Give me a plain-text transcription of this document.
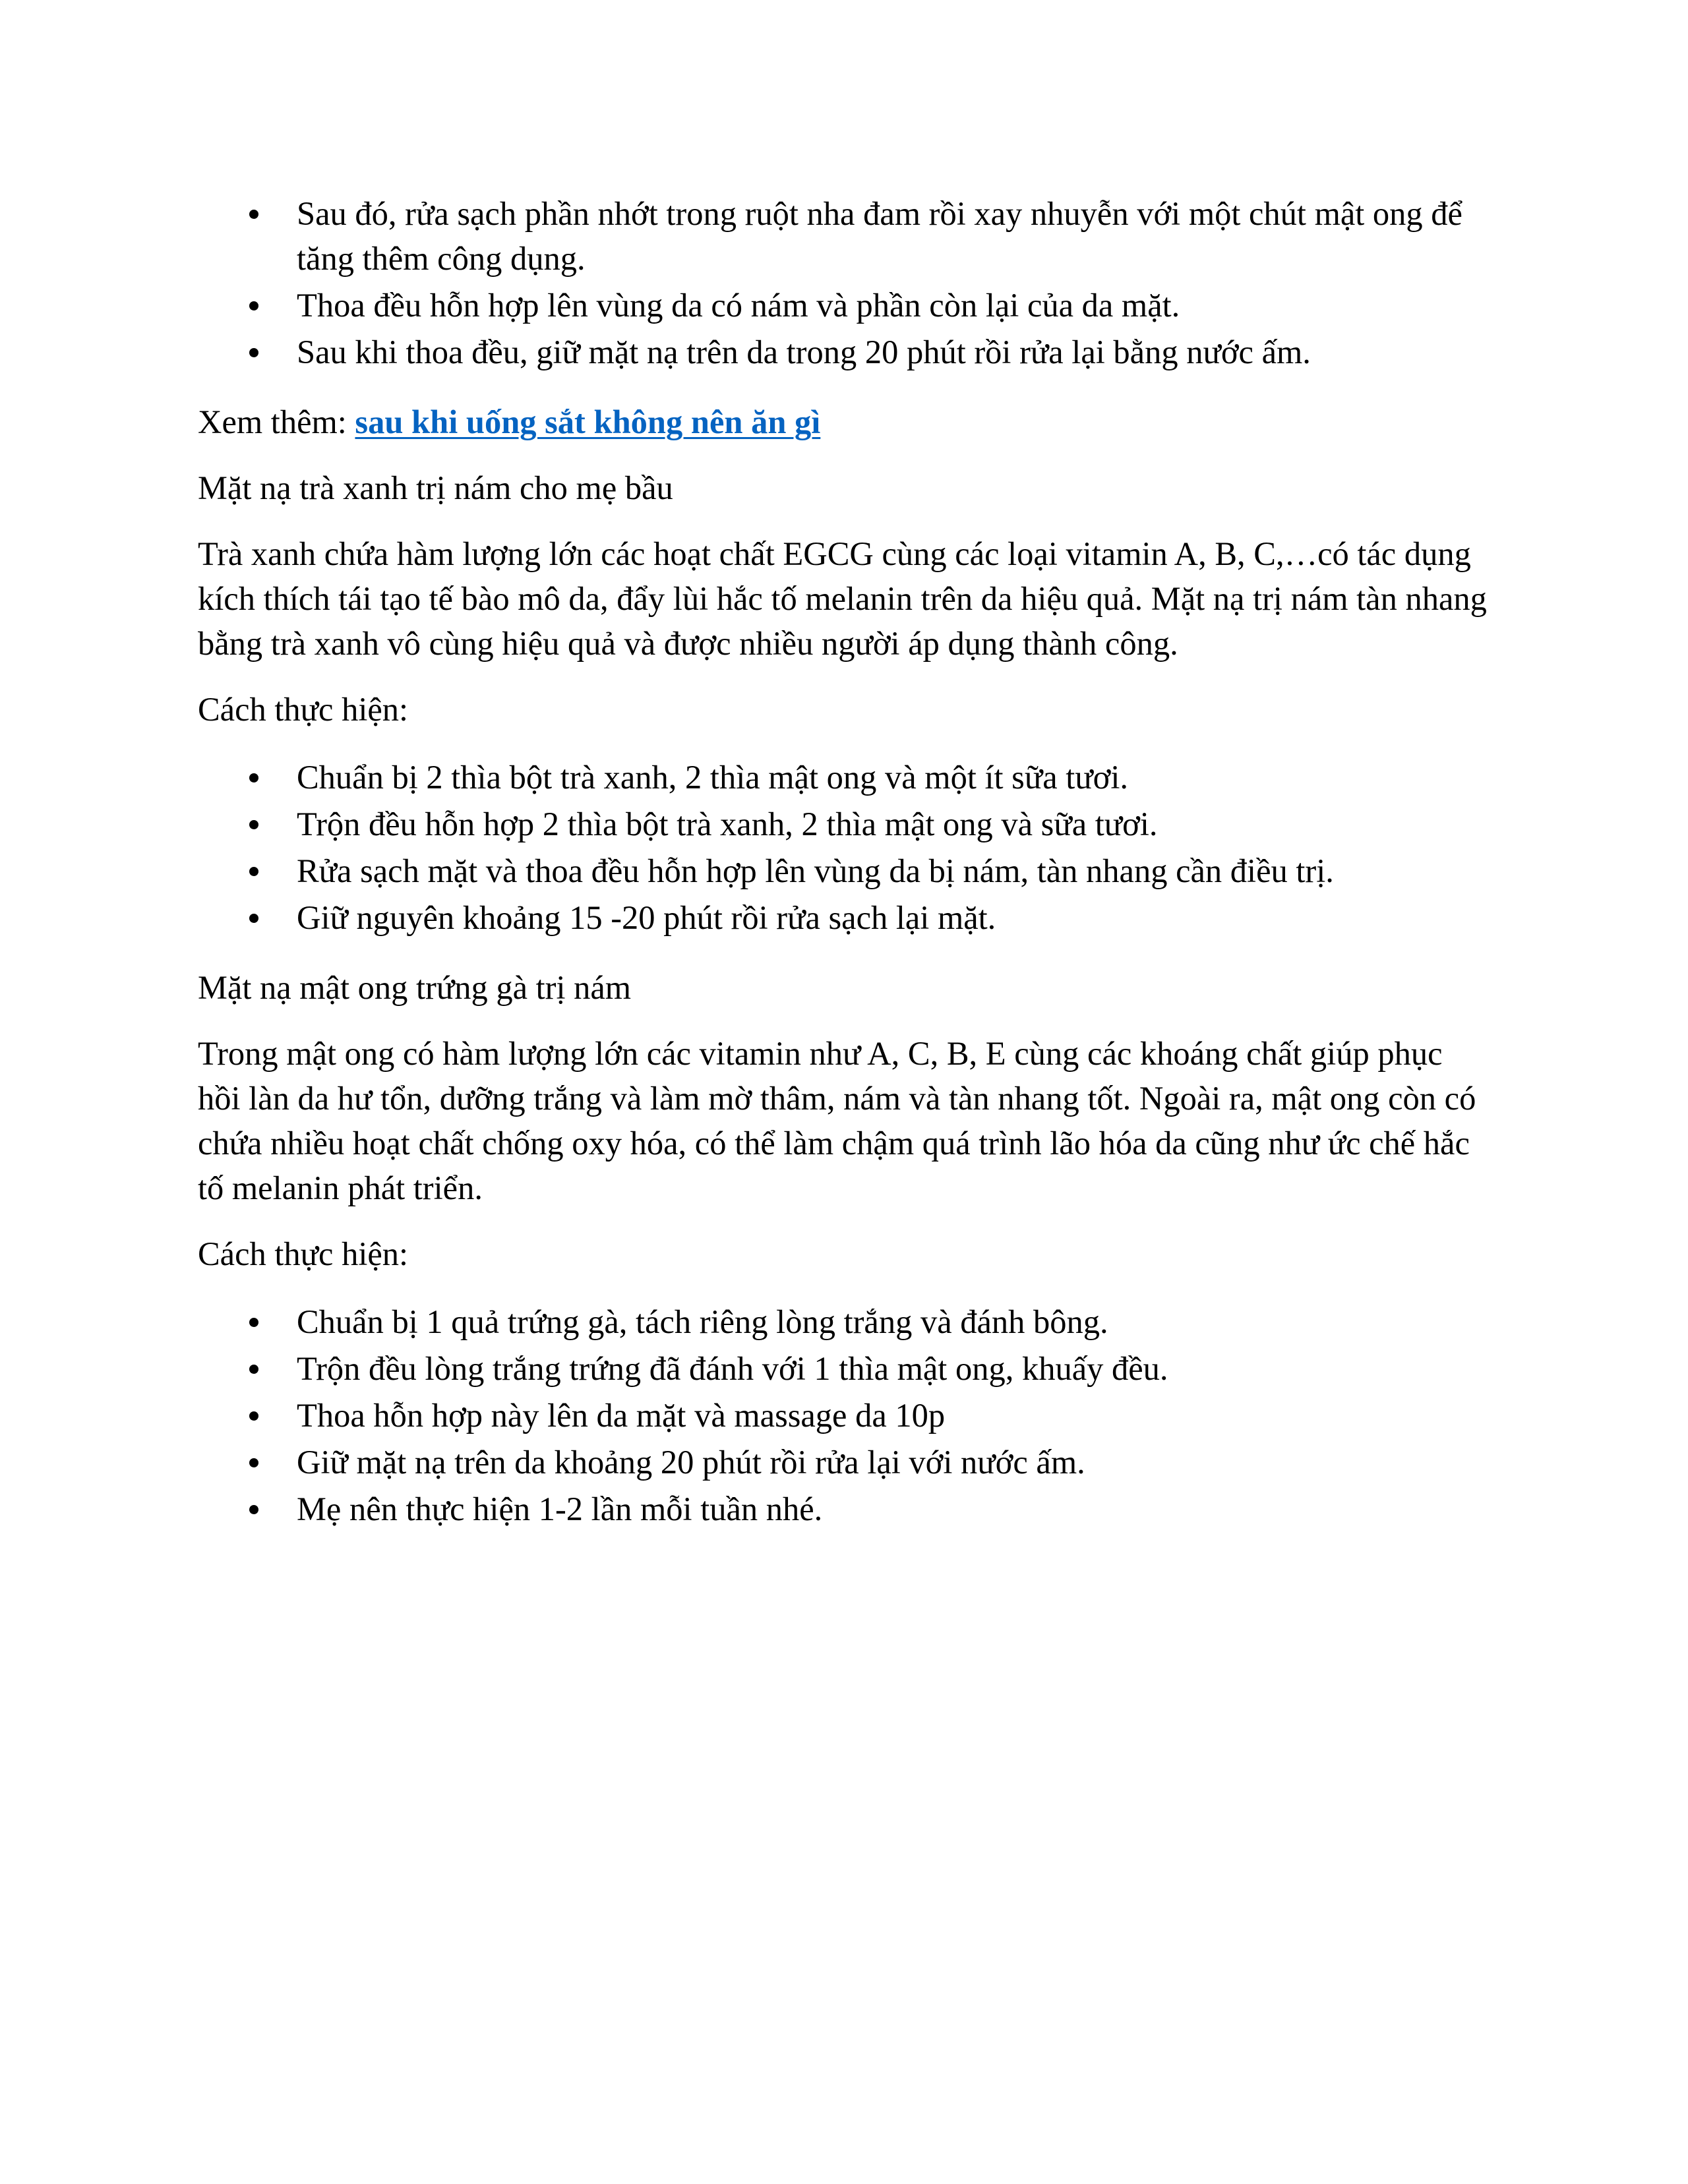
Sau đó, rửa sạch phần nhớt trong ruột nha đam rồi xay nhuyễn với một chút mật ong để tăng thêm công dụng.
Thoa đều hỗn hợp lên vùng da có nám và phần còn lại của da mặt.
Sau khi thoa đều, giữ mặt nạ trên da trong 20 phút rồi rửa lại bằng nước ấm.

Xem thêm: sau khi uống sắt không nên ăn gì

Mặt nạ trà xanh trị nám cho mẹ bầu

Trà xanh chứa hàm lượng lớn các hoạt chất EGCG cùng các loại vitamin A, B, C,…có tác dụng kích thích tái tạo tế bào mô da, đẩy lùi hắc tố melanin trên da hiệu quả. Mặt nạ trị nám tàn nhang bằng trà xanh vô cùng hiệu quả và được nhiều người áp dụng thành công.

Cách thực hiện:

Chuẩn bị 2 thìa bột trà xanh, 2 thìa mật ong và một ít sữa tươi.
Trộn đều hỗn hợp 2 thìa bột trà xanh, 2 thìa mật ong và sữa tươi.
Rửa sạch mặt và thoa đều hỗn hợp lên vùng da bị nám, tàn nhang cần điều trị.
Giữ nguyên khoảng 15 -20 phút rồi rửa sạch lại mặt.

Mặt nạ mật ong trứng gà trị nám

Trong mật ong có hàm lượng lớn các vitamin như A, C, B, E cùng các khoáng chất giúp phục hồi làn da hư tổn, dưỡng trắng và làm mờ thâm, nám và tàn nhang tốt. Ngoài ra, mật ong còn có chứa nhiều hoạt chất chống oxy hóa, có thể làm chậm quá trình lão hóa da cũng như ức chế hắc tố melanin phát triển.

Cách thực hiện:

Chuẩn bị 1 quả trứng gà, tách riêng lòng trắng và đánh bông.
Trộn đều lòng trắng trứng đã đánh với 1 thìa mật ong, khuấy đều.
Thoa hỗn hợp này lên da mặt và massage da 10p
Giữ mặt nạ trên da khoảng 20 phút rồi rửa lại với nước ấm.
Mẹ nên thực hiện 1-2 lần mỗi tuần nhé.
